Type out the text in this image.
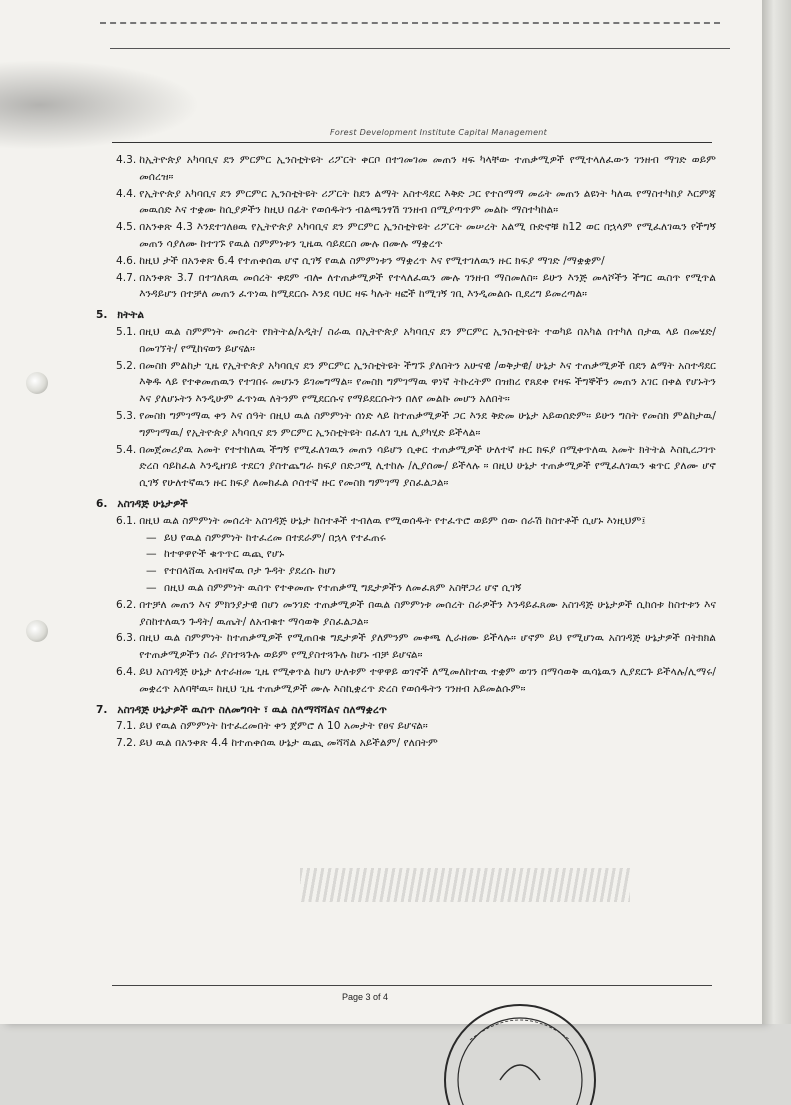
Forest Development Institute Capital Management
4.3. ከኢትዮጵያ አካባቢና ደን ምርምር ኢንስቲትዩት ሪፖርት ቀርቦ በተገመገመ መጠን ዛፍ ካላቸው ተጠቃሚዎች የሚተላለፈውን ገንዘብ ማገድ ወይም መሰረዝ።
4.4. የኢትዮጵያ አካባቢና ደን ምርምር ኢንስቲትዩት ሪፖርት ከደን ልማት አስተዳደር እቅድ ጋር የተስማማ መሬት መጠን ልዩነት ካለዉ የማስተካከያ እርምጃ መዉሰድ እና ተቋሙ ከሲያዎችን ከዚህ በፊት የወሰዱትን ብልጫንፃሽ ገንዘብ በሚያጣጥም መልኩ ማስተካከል።
4.5. በአንቀጽ 4.3 እንደተገለፀዉ የኢትዮጵያ አካባቢና ደን ምርምር ኢንስቲትዩት ሪፖርት መሠረት አልሚ ቡድኖቹ ከ12 ወር በኋላም የሚፈለገዉን የችግኝ መጠን ሳያለሙ ከተገኙ የዉል ስምምነቱን ጊዜዉ ሳይደርስ ሙሉ በሙሉ ማቋረጥ
4.6. ከዚህ ታች በአንቀጽ 6.4 የተጠቀሰዉ ሆኖ ሲገኝ የዉል ስምምነቱን ማቋረጥ እና የሚተገለዉን ዙር ክፍያ ማገድ /ማቋቋም/
4.7. በአንቀጽ 3.7 በተገለጸዉ መሰረት ቀደም ብሎ ለተጠቃሚዎች የተላለፈዉን ሙሉ ገንዘብ ማስመለስ። ይሁን እንጅ መላሾችን ችግር ዉስጥ የሚጥል እንዳይሆን በተቻለ መጠን ፈጥነዉ ከሚደርሱ እንደ ባህር ዛፍ ካሉት ዛፎች ከሚገኝ ገቢ እንዲመልሱ ቢደረግ ይመረጣል።
5. ክትትል
5.1. በዚህ ዉል ስምምነት መሰረት የክትትል/አዲት/ ስራዉ በኢትዮጵያ አካባቢና ደን ምርምር ኢንስቲትዩት ተወካይ በአካል በተካለ በታዉ ላይ በመሄድ/በመገኘት/ የሚከናወን ይሆናል።
5.2. በመስክ ምልከታ ጊዜ የኢትዮጵያ አካባቢና ደን ምርምር ኢንስቲትዩት ችግኙ ያለበትን አሁናዊ /ወቅታዊ/ ሁኔታ እና ተጠቃሚዎች በደን ልማት አስተዳደር እቅዱ ላይ የተቀመጠዉን የተገበሩ መሆኑን ይገመግማል። የመስክ ግምገማዉ ዋነኛ ትኩረትም በዝክረ የጸደቀ የዛፍ ችግኞችን መጠን አገር በቀል የሆኑትን እና ያለሆኑትን እንዲሁም ፈጥነዉ ለትንም የሚደርሱና የማይደርሱትን በለየ መልኩ መሆን አለበት።
5.3. የመስክ ግምገማዉ ቀን እና ሰዓት በዚህ ዉል ስምምነት ሰነድ ላይ ከተጠቃሚዎች ጋር እንደ ቅድመ ሁኔታ አይወሰድም። ይሁን ግስት የመስክ ምልከታዉ/ ግምገማዉ/ የኢትዮጵያ አካባቢና ደን ምርምር ኢንስቲትዩት በፈለገ ጊዜ ሊያካሂድ ይችላል።
5.4. በመጀመሪያዉ አመት የተተከለዉ ችግኝ የሚፈለገዉን መጠን ሳይሆን ሲቀር ተጠቃሚዎች ሁለተኛ ዙር ክፍያ በሚቀጥለዉ አመት ክትትል እስኪረጋገጥ ድረስ ሳይከፈል እንዲዘገይ ተደርጎ ያስተጨግራ ክፍያ በድጋሚ ሊተከሉ /ሊያሰሙ/ ይችላሉ ። በዚህ ሁኔታ ተጠቃሚዎች የሚፈለገዉን ቁጥር ያለሙ ሆኖ ሲገኝ የሁለተኛዉን ዙር ክፍያ ለመክፈል ሶስተኛ ዙር የመስክ ግምገማ ያስፈልጋል።
6. አስገዳጅ ሁኔታዎች
6.1. በዚህ ዉል ስምምነት መሰረት አስገዳጅ ሁኔታ ከስተቶች ተብለዉ የሚወሰዱት የተፈጥሮ ወይም ሰው ሰራሽ ከስተቶች ሲሆኑ እነዚህም፤
— ይህ የዉል ስምምነት ከተፈረመ በተደራም/ በኋላ የተፈጠሩ
— ከተዋዋዮች ቁጥጥር ዉጪ የሆኑ
— የተበላሸዉ አብዛኛዉ ቦታ ጉዳት ያደረሱ ከሆነ
— በዚህ ዉል ስምምነት ዉስጥ የተቀመጡ የተጠቃሚ ግዴታዎችን ለመፈጸም አስቸጋሪ ሆኖ ሲገኝ
6.2. በተቻለ መጠን እና ምክንያታዊ በሆነ መንገድ ተጠቃሚዎች በዉል ስምምነቱ መሰረት ስራዎችን እንዳይፈጸሙ አስገዳጅ ሁኔታዎች ሲከሰቱ ከስተቱን እና ያስከተለዉን ጉዳት/ ዉጤት/ ለአብቁተ ማሳወቅ ያስፈልጋል።
6.3. በዚህ ዉል ስምምነት ከተጠቃሚዎች የሚጠበቁ ግዴታዎች ያለምንም መቀጫ ሊራዘሙ ይችላሉ። ሆኖም ይህ የሚሆነዉ አስገዳጅ ሁኔታዎች በትክክል የተጠቃሚዎችን ስራ ያስተጓጉሉ ወይም የሚያስተጓጉሉ ከሆኑ ብቻ ይሆናል።
6.4. ይህ አስገዳጅ ሁኔታ ለተራዘመ ጊዜ የሚቀጥል ከሆነ ሁለቱም ተዋዋይ ወገኖች ለሚመለከተዉ ተቋም ወገን በማሳወቅ ዉሳኔዉን ሊያደርጉ ይችላሉ/ሊማሩ/ መቋረጥ አለባቸዉ። ከዚህ ጊዜ ተጠቃሚዎች ሙሉ እስኪቋረጥ ድረስ የወሰዱትን ገንዘብ አይመልሱም።
7. አስገዳጅ ሁኔታዎች ዉስጥ ስለመግባት ፣ ዉል ስለማሻሻልና ስለማቋረጥ
7.1. ይህ የዉል ስምምነት ከተፈረመበት ቀን ጀምሮ ለ 10 አመታት የፀና ይሆናል።
7.2. ይህ ዉል በአንቀጽ 4.4 ከተጠቀሰዉ ሁኔታ ዉጪ መሻሻል አይችልም/ የለበትም
Page 3 of 4
